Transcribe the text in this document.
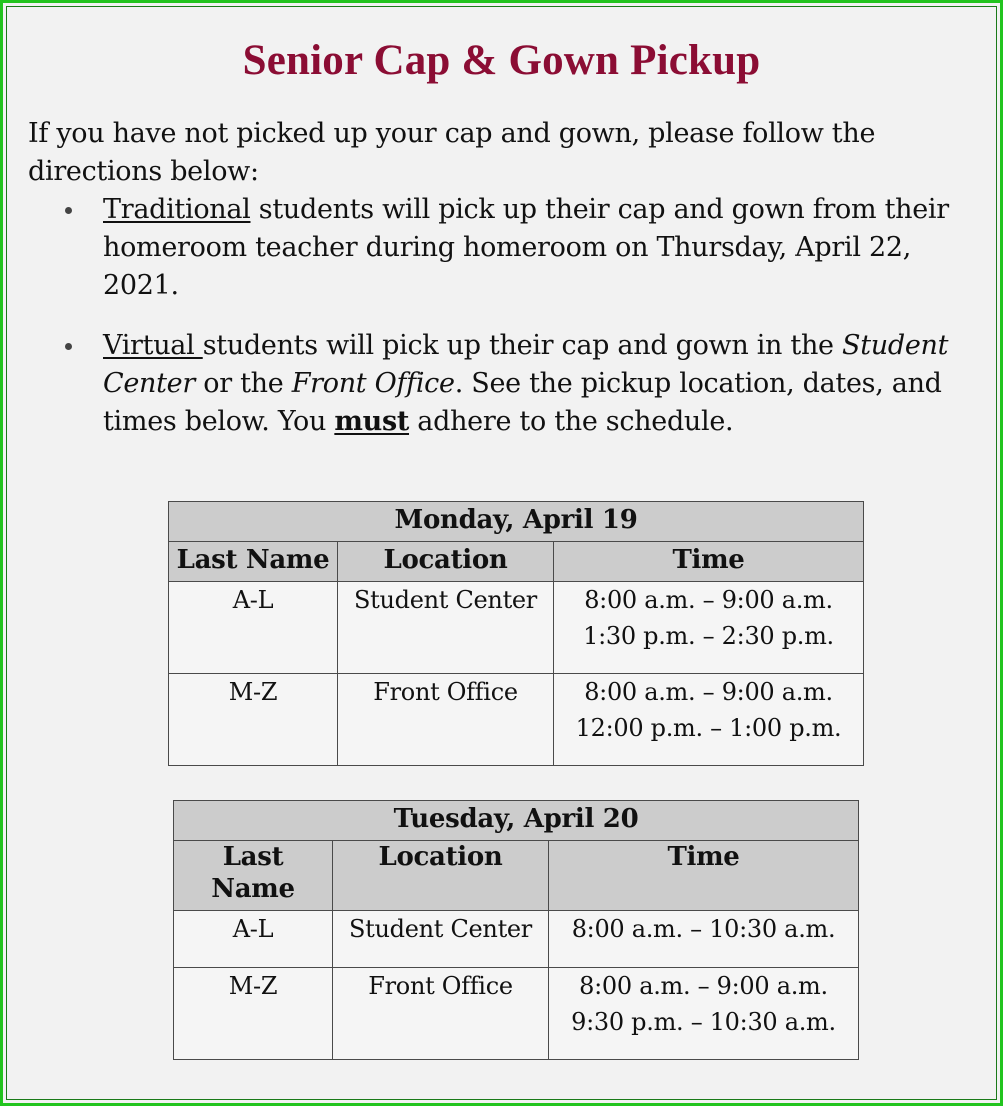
Senior Cap & Gown Pickup

If you have not picked up your cap and gown, please follow the directions below:

Traditional students will pick up their cap and gown from their homeroom teacher during homeroom on Thursday, April 22, 2021.

Virtual students will pick up their cap and gown in the Student Center or the Front Office. See the pickup location, dates, and times below. You must adhere to the schedule.

Monday, April 19		
Last Name	Location	Time
A-L	Student Center	8:00 a.m. – 9:00 a.m.
1:30 p.m. – 2:30 p.m.

M-Z	Front Office	8:00 a.m. – 9:00 a.m.
12:00 p.m. – 1:00 p.m.
Tuesday, April 20		

Last
Name	Location	Time
A-L	Student Center	8:00 a.m. – 10:30 a.m.

M-Z	Front Office	8:00 a.m. – 9:00 a.m.
9:30 p.m. – 10:30 a.m.
